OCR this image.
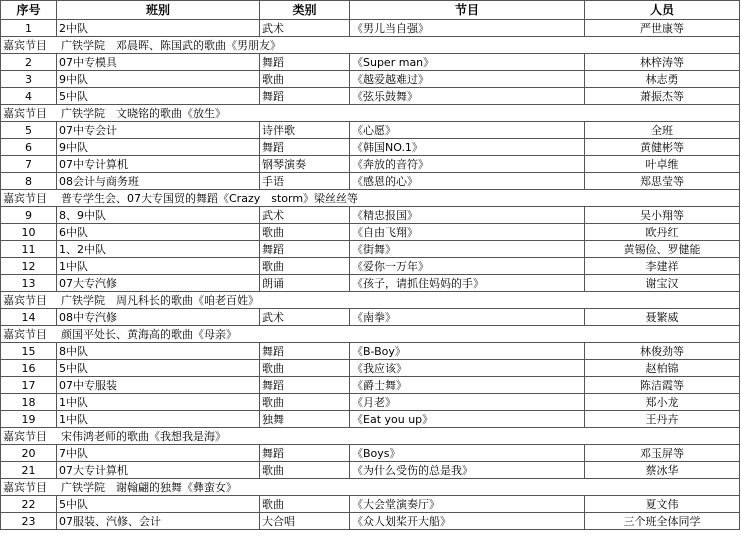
序号	班别	类别	节目	人员
1	2中队	武术	《男儿当自强》	严世康等
嘉宾节目 广铁学院　邓晨晖、陈国武的歌曲《男朋友》				
2	07中专模具	舞蹈	《Super man》	林梓涛等
3	9中队	歌曲	《越爱越难过》	林志勇
4	5中队	舞蹈	《弦乐鼓舞》	萧振杰等
嘉宾节目 广铁学院　文晓铭的歌曲《放生》				
5	07中专会计	诗伴歌	《心愿》	全班
6	9中队	舞蹈	《韩国NO.1》	黄健彬等
7	07中专计算机	钢琴演奏	《奔放的音符》	叶卓维
8	08会计与商务班	手语	《感恩的心》	郑思莹等
嘉宾节目 普专学生会、07大专国贸的舞蹈《Crazy　storm》梁丝丝等				
9	8、9中队	武术	《精忠报国》	吴小翔等
10	6中队	歌曲	《自由飞翔》	欧丹红
11	1、2中队	舞蹈	《街舞》	黄锡俭、罗健能
12	1中队	歌曲	《爱你一万年》	李建祥
13	07大专汽修	朗诵	《孩子，请抓住妈妈的手》	谢宝汉
嘉宾节目 广铁学院　周凡科长的歌曲《咱老百姓》				
14	08中专汽修	武术	《南拳》	聂繁威
嘉宾节目 颜国平处长、黄海高的歌曲《母亲》				
15	8中队	舞蹈	《B-Boy》	林俊劲等
16	5中队	歌曲	《我应该》	赵柏锦
17	07中专服装	舞蹈	《爵士舞》	陈洁霞等
18	1中队	歌曲	《月老》	郑小龙
19	1中队	独舞	《Eat you up》	王丹卉
嘉宾节目 宋伟鸿老师的歌曲《我想我是海》				
20	7中队	舞蹈	《Boys》	邓玉屏等
21	07大专计算机	歌曲	《为什么受伤的总是我》	蔡冰华
嘉宾节目 广铁学院　谢翰翩的独舞《彝蛮女》				
22	5中队	歌曲	《大会堂演奏厅》	夏文伟
23	07服装、汽修、会计	大合唱	《众人划桨开大船》	三个班全体同学
